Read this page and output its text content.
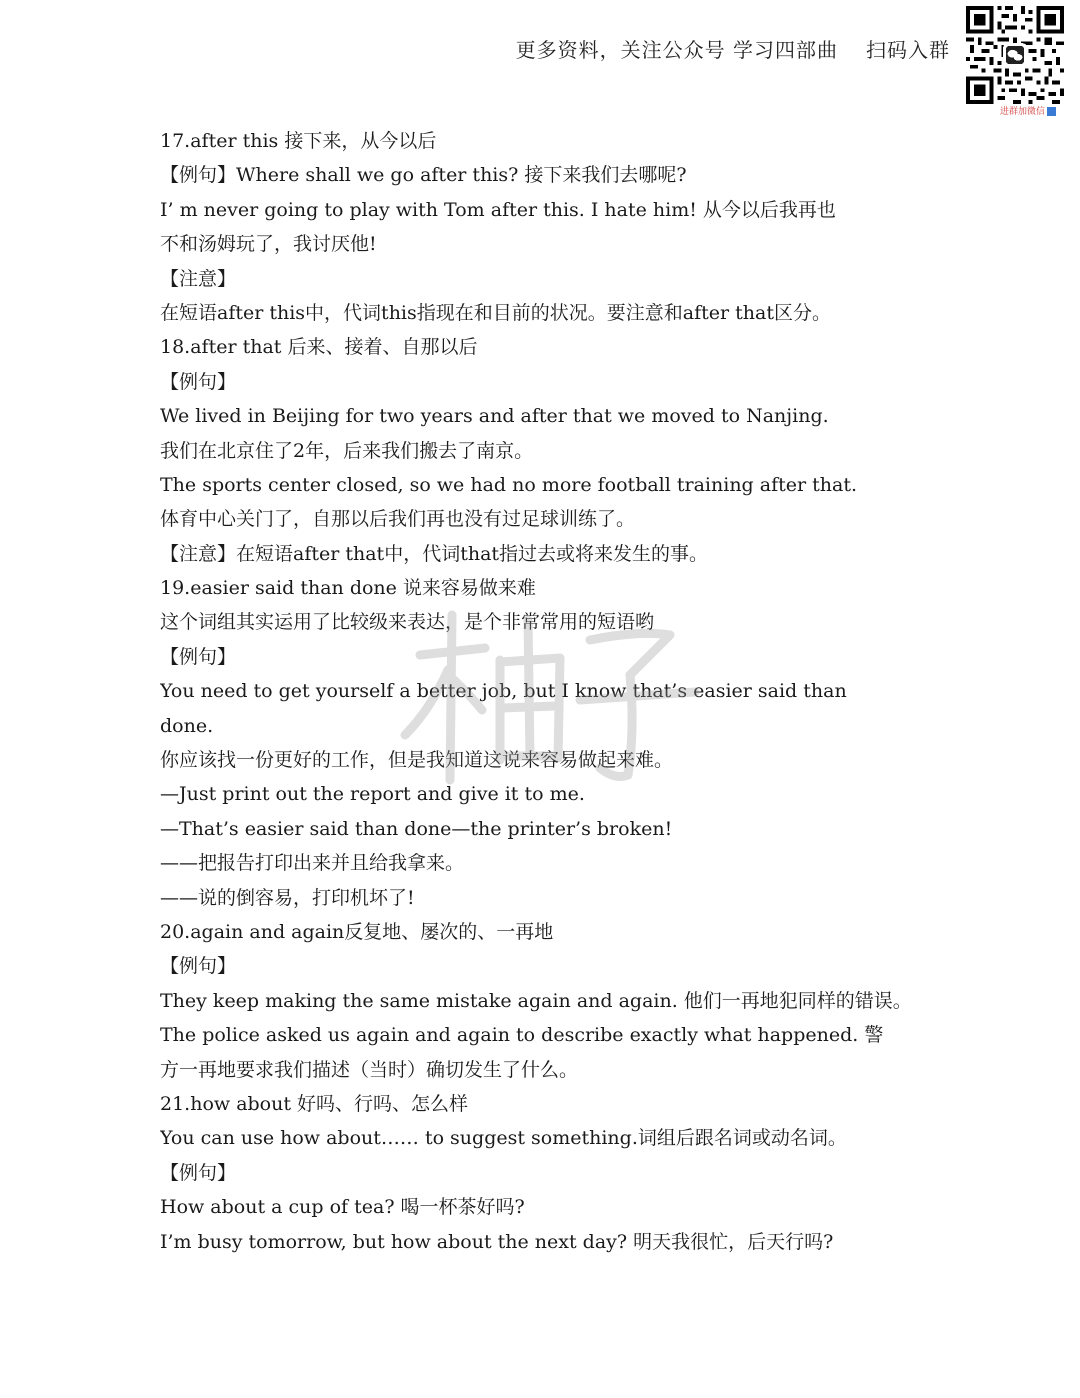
更多资料，关注公众号 学习四部曲 扫码入群
进群加微信
17.after this 接下来，从今以后
【例句】Where shall we go after this? 接下来我们去哪呢?
I’ m never going to play with Tom after this. I hate him! 从今以后我再也
不和汤姆玩了，我讨厌他!
【注意】
在短语after this中，代词this指现在和目前的状况。要注意和after that区分。
18.after that 后来、接着、自那以后
【例句】
We lived in Beijing for two years and after that we moved to Nanjing.
我们在北京住了2年，后来我们搬去了南京。
The sports center closed, so we had no more football training after that.
体育中心关门了，自那以后我们再也没有过足球训练了。
【注意】在短语after that中，代词that指过去或将来发生的事。
19.easier said than done 说来容易做来难
这个词组其实运用了比较级来表达，是个非常常用的短语哟
【例句】
You need to get yourself a better job, but I know that’s easier said than
done.
你应该找一份更好的工作，但是我知道这说来容易做起来难。
—Just print out the report and give it to me.
—That’s easier said than done—the printer’s broken!
——把报告打印出来并且给我拿来。
——说的倒容易，打印机坏了!
20.again and again反复地、屡次的、一再地
【例句】
They keep making the same mistake again and again. 他们一再地犯同样的错误。
The police asked us again and again to describe exactly what happened. 警
方一再地要求我们描述（当时）确切发生了什么。
21.how about 好吗、行吗、怎么样
You can use how about…… to suggest something.词组后跟名词或动名词。
【例句】
How about a cup of tea? 喝一杯茶好吗?
I’m busy tomorrow, but how about the next day? 明天我很忙，后天行吗?
